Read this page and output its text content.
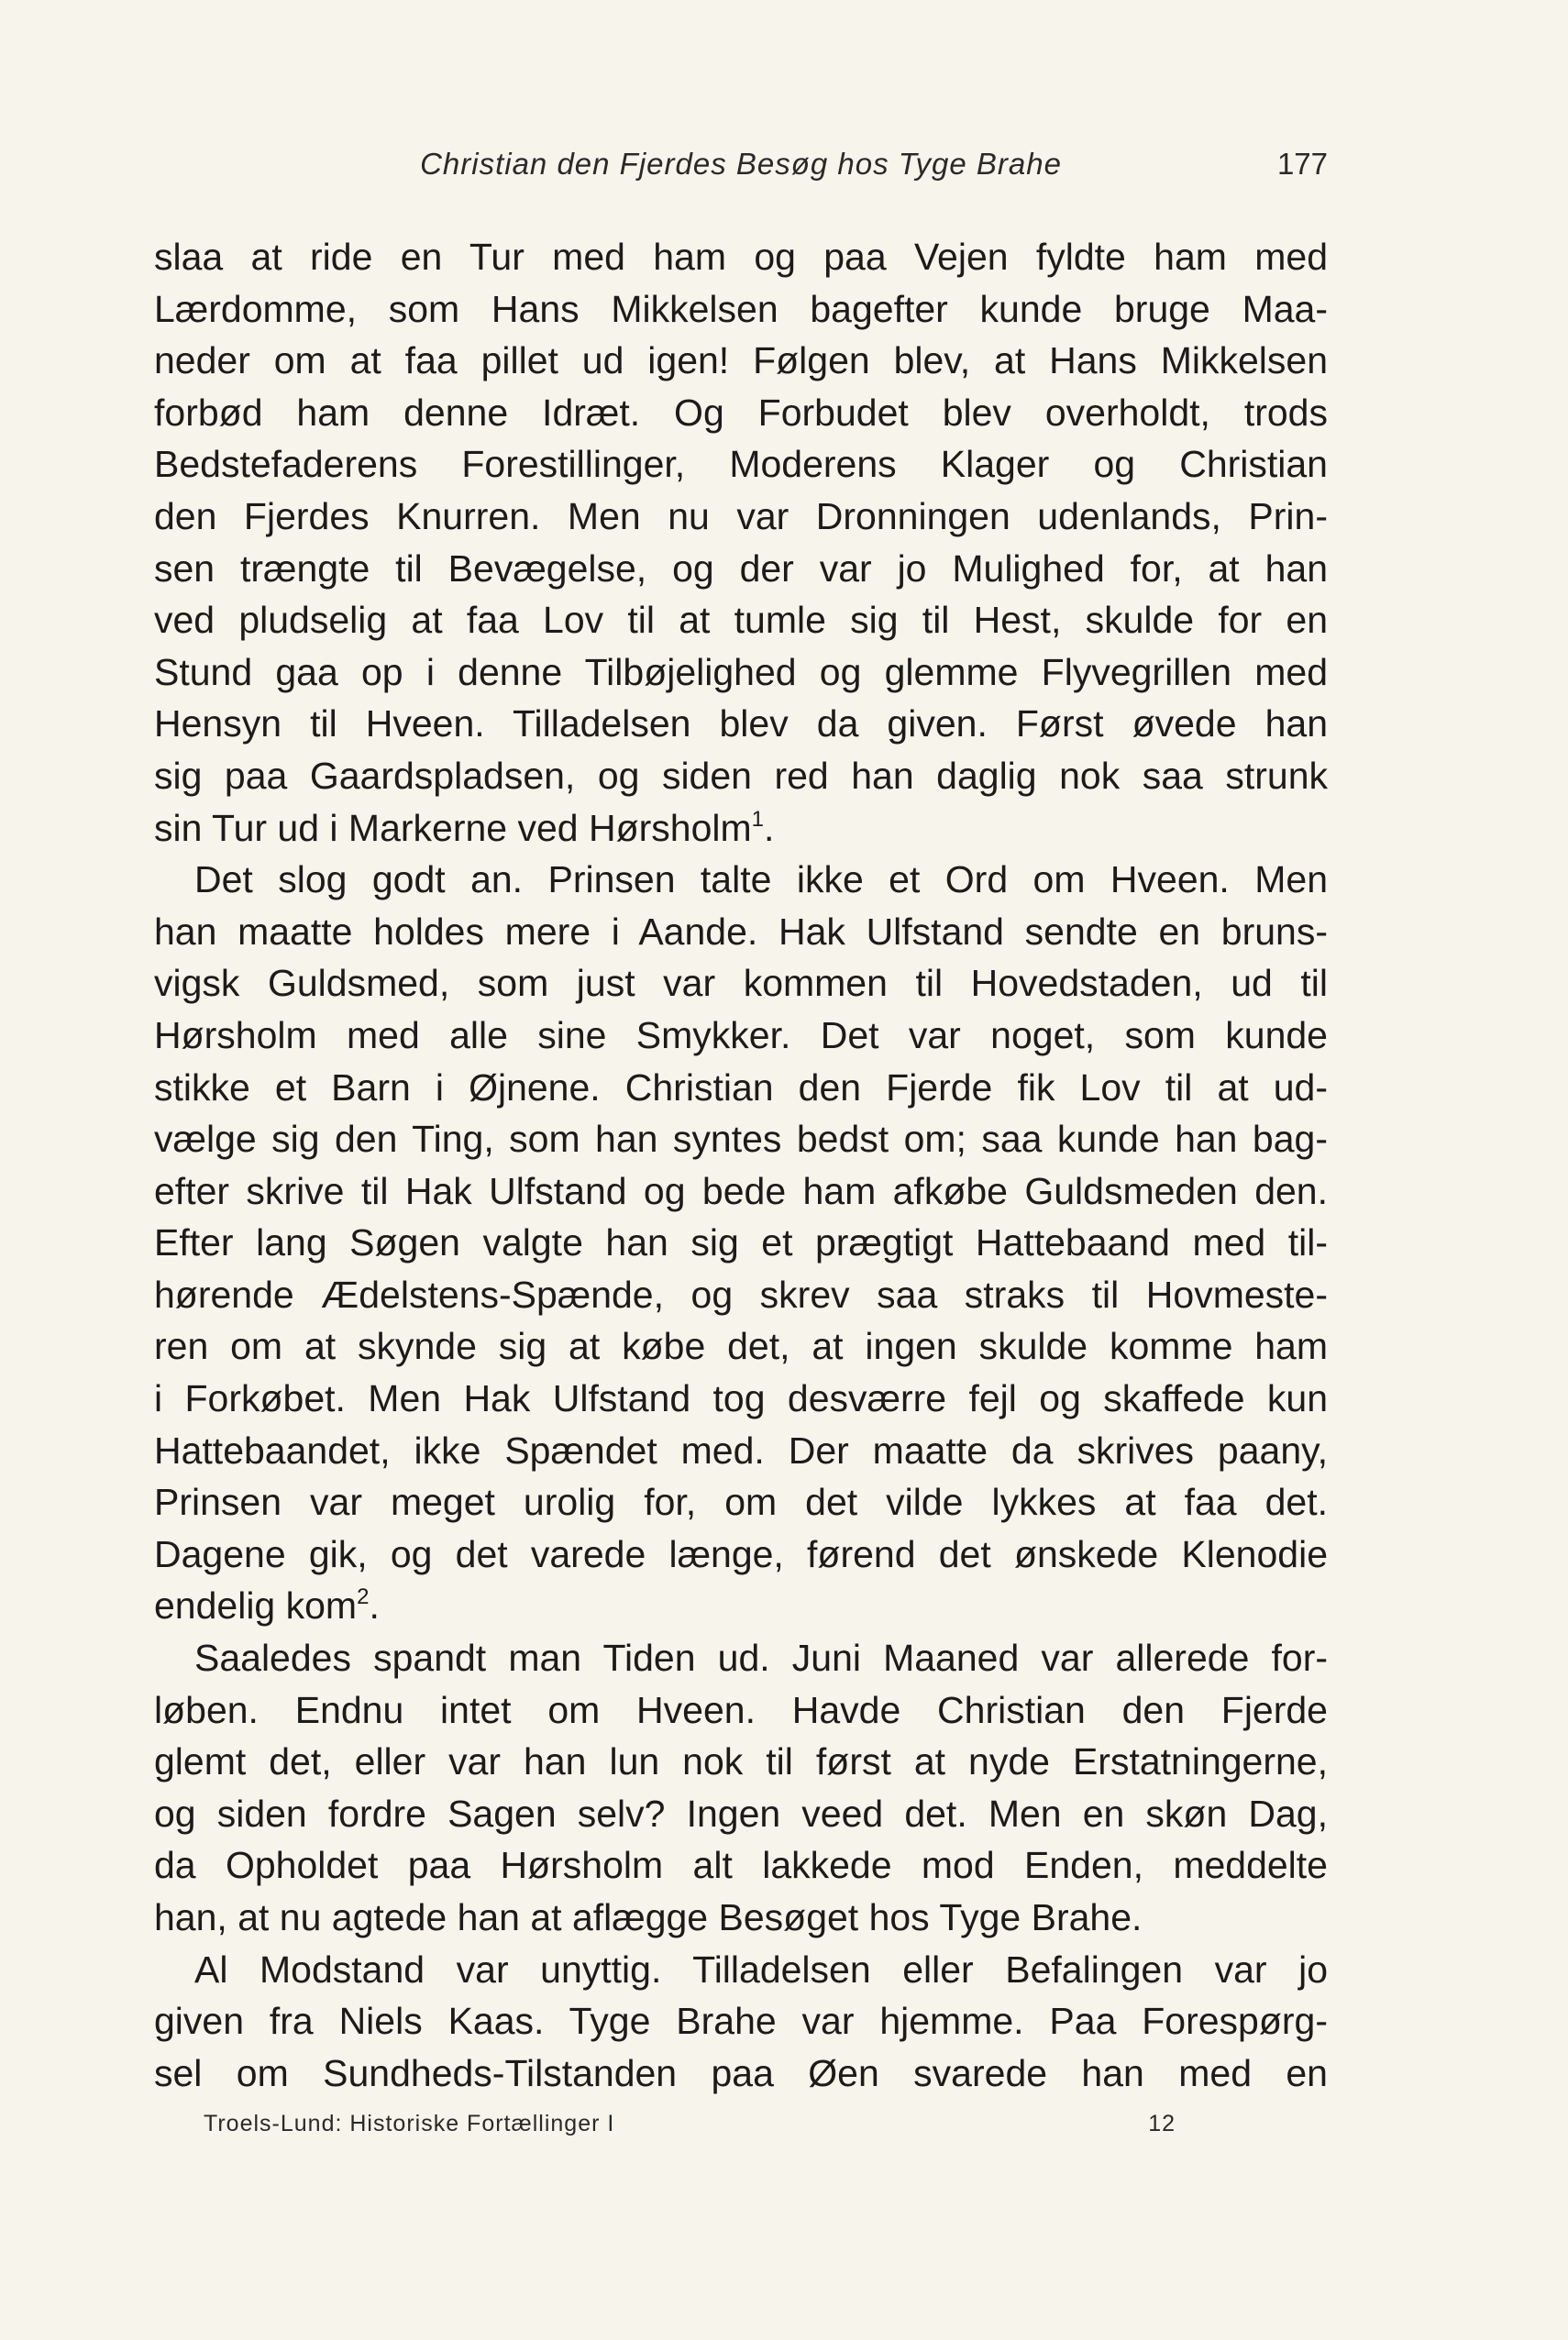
Christian den Fjerdes Besøg hos Tyge Brahe	177
slaa at ride en Tur med ham og paa Vejen fyldte ham med
Lærdomme, som Hans Mikkelsen bagefter kunde bruge Maa-
neder om at faa pillet ud igen! Følgen blev, at Hans Mikkelsen
forbød ham denne Idræt. Og Forbudet blev overholdt, trods
Bedstefaderens Forestillinger, Moderens Klager og Christian
den Fjerdes Knurren. Men nu var Dronningen udenlands, Prin-
sen trængte til Bevægelse, og der var jo Mulighed for, at han
ved pludselig at faa Lov til at tumle sig til Hest, skulde for en
Stund gaa op i denne Tilbøjelighed og glemme Flyvegrillen med
Hensyn til Hveen. Tilladelsen blev da given. Først øvede han
sig paa Gaardspladsen, og siden red han daglig nok saa strunk
sin Tur ud i Markerne ved Hørsholm$^1$.
Det slog godt an. Prinsen talte ikke et Ord om Hveen. Men
han maatte holdes mere i Aande. Hak Ulfstand sendte en bruns-
vigsk Guldsmed, som just var kommen til Hovedstaden, ud til
Hørsholm med alle sine Smykker. Det var noget, som kunde
stikke et Barn i Øjnene. Christian den Fjerde fik Lov til at ud-
vælge sig den Ting, som han syntes bedst om; saa kunde han bag-
efter skrive til Hak Ulfstand og bede ham afkøbe Guldsmeden den.
Efter lang Søgen valgte han sig et prægtigt Hattebaand med til-
hørende Ædelstens-Spænde, og skrev saa straks til Hovmeste-
ren om at skynde sig at købe det, at ingen skulde komme ham
i Forkøbet. Men Hak Ulfstand tog desværre fejl og skaffede kun
Hattebaandet, ikke Spændet med. Der maatte da skrives paany,
Prinsen var meget urolig for, om det vilde lykkes at faa det.
Dagene gik, og det varede længe, førend det ønskede Klenodie
endelig kom$^2$.
Saaledes spandt man Tiden ud. Juni Maaned var allerede for-
løben. Endnu intet om Hveen. Havde Christian den Fjerde
glemt det, eller var han lun nok til først at nyde Erstatningerne,
og siden fordre Sagen selv? Ingen veed det. Men en skøn Dag,
da Opholdet paa Hørsholm alt lakkede mod Enden, meddelte
han, at nu agtede han at aflægge Besøget hos Tyge Brahe.
Al Modstand var unyttig. Tilladelsen eller Befalingen var jo
given fra Niels Kaas. Tyge Brahe var hjemme. Paa Forespørg-
sel om Sundheds-Tilstanden paa Øen svarede han med en
Troels-Lund: Historiske Fortællinger I	12
